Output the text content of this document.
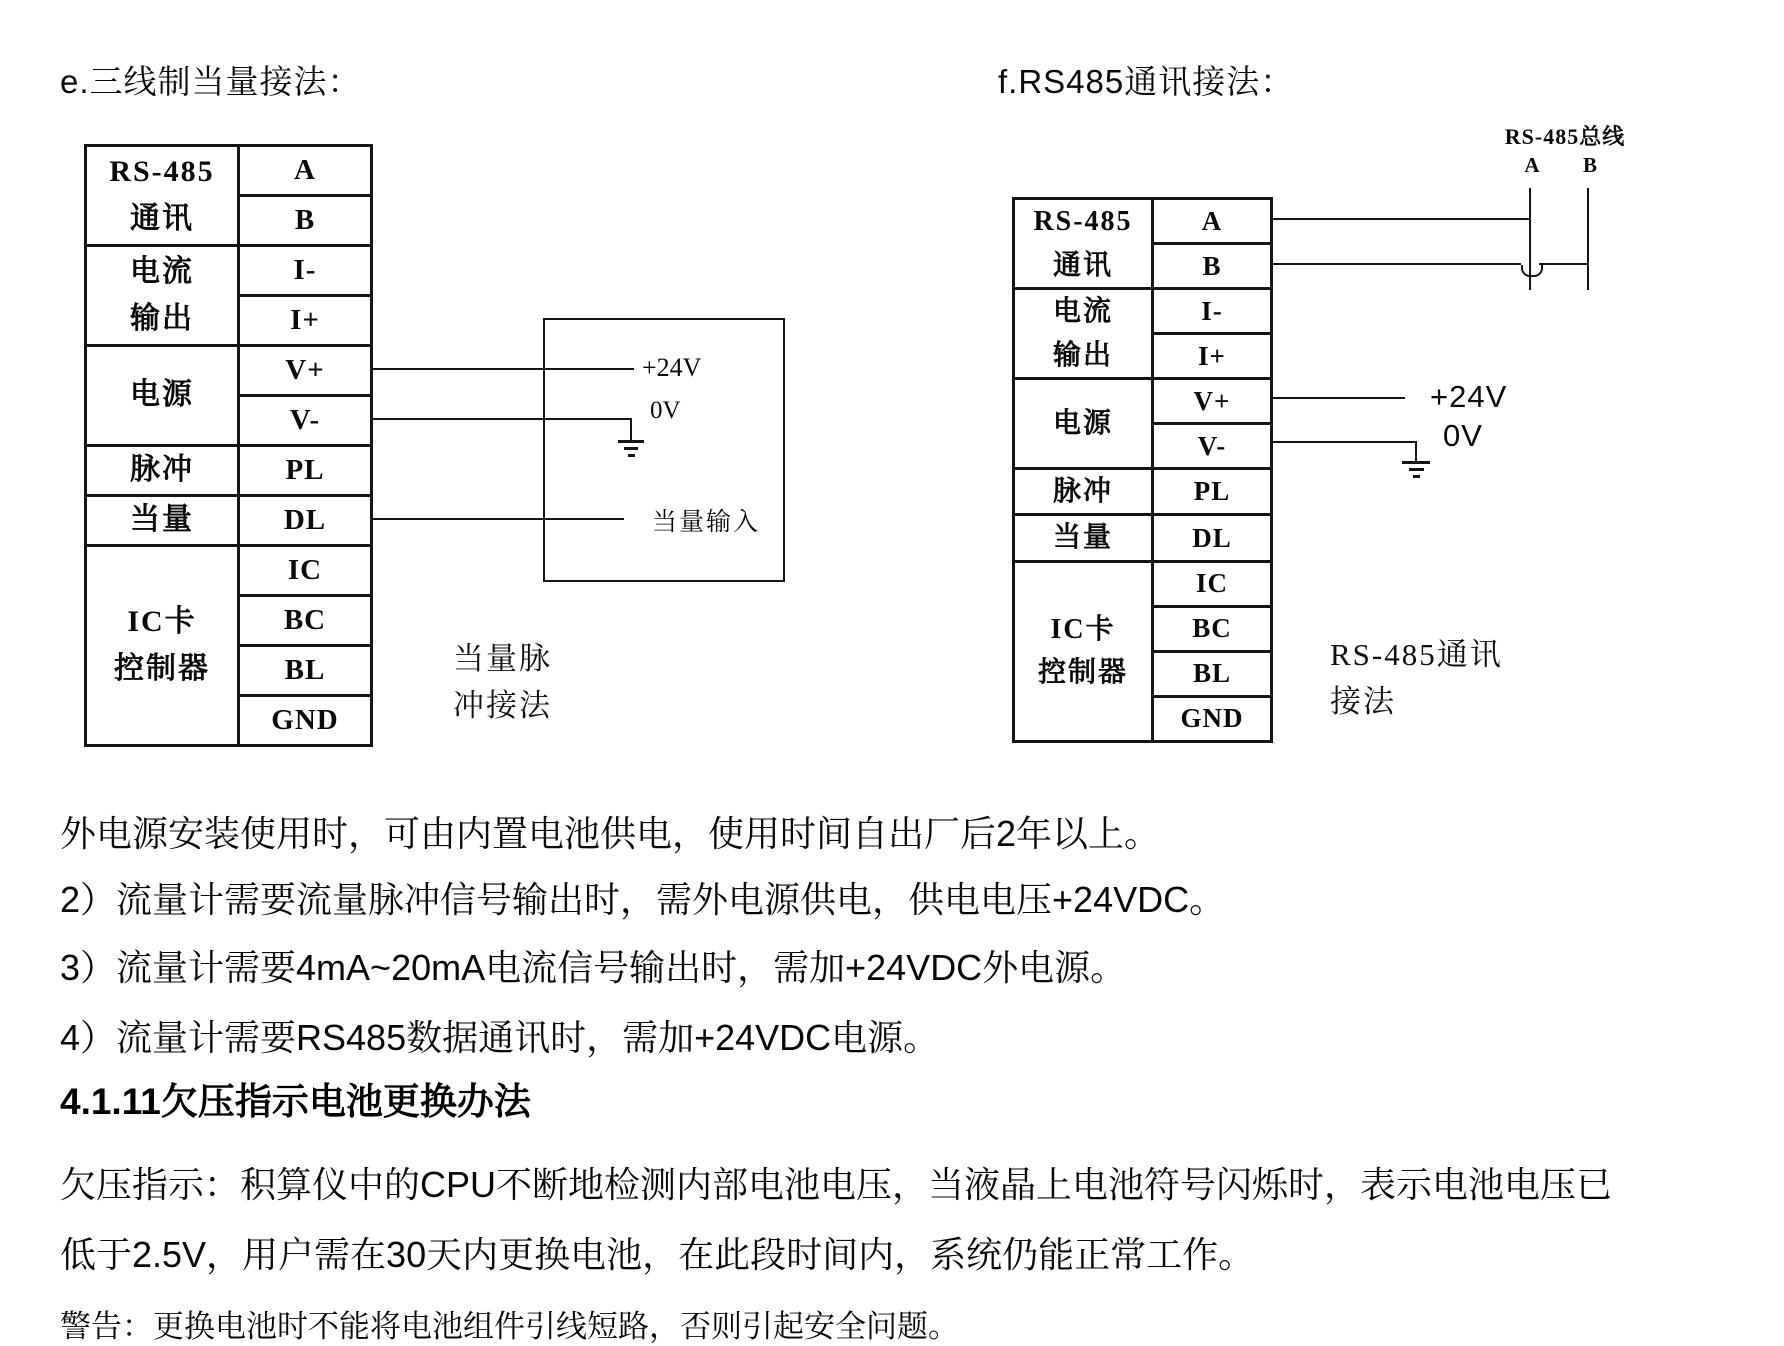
e.三线制当量接法：	f.RS485通讯接法：
RS-485
通讯	A
	B

电流
输出	I-
	I+

电源	V+
	V-

脉冲	PL

当量	DL

IC卡
控制器	IC
	BC
	BL
	GND
+24V
0V
当量输入
当量脉
冲接法
RS-485
通讯	A
	B

电流
输出	I-
	I+

电源	V+
	V-

脉冲	PL

当量	DL

IC卡
控制器	IC
	BC
	BL
	GND
RS-485总线
A B
+24V
0V
RS-485通讯
接法
外电源安装使用时，可由内置电池供电，使用时间自出厂后2年以上。
2）流量计需要流量脉冲信号输出时，需外电源供电，供电电压+24VDC。
3）流量计需要4mA~20mA电流信号输出时，需加+24VDC外电源。
4）流量计需要RS485数据通讯时，需加+24VDC电源。
4.1.11欠压指示电池更换办法
欠压指示：积算仪中的CPU不断地检测内部电池电压，当液晶上电池符号闪烁时，表示电池电压已
低于2.5V，用户需在30天内更换电池，在此段时间内，系统仍能正常工作。
警告：更换电池时不能将电池组件引线短路，否则引起安全问题。
